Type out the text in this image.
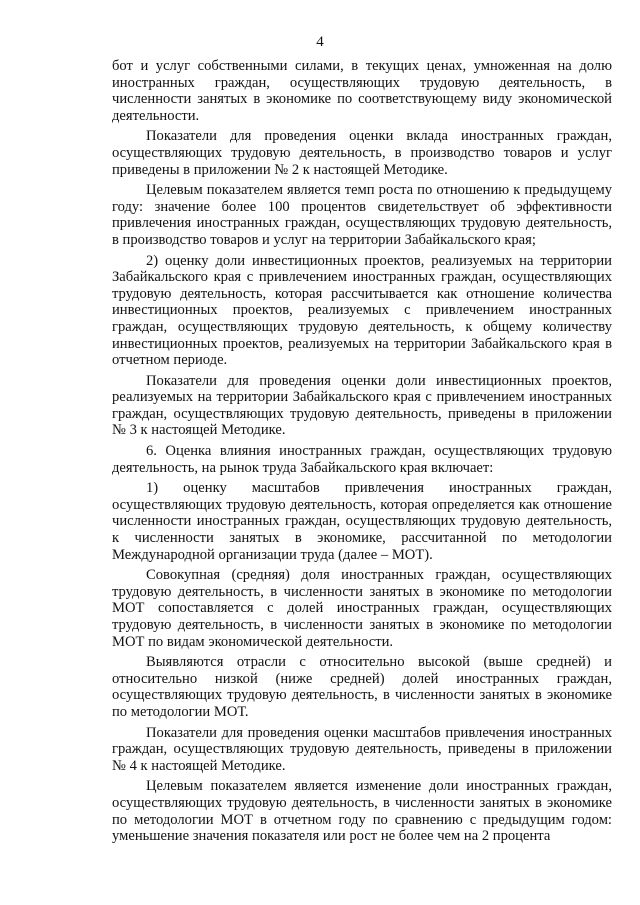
4

бот и услуг собственными силами, в текущих ценах, умноженная на долю иностранных граждан, осуществляющих трудовую деятельность, в численности занятых в экономике по соответствующему виду экономической деятельности.

Показатели для проведения оценки вклада иностранных граждан, осуществляющих трудовую деятельность, в производство товаров и услуг приведены в приложении № 2 к настоящей Методике.

Целевым показателем является темп роста по отношению к предыдущему году: значение более 100 процентов свидетельствует об эффективности привлечения иностранных граждан, осуществляющих трудовую деятельность, в производство товаров и услуг на территории Забайкальского края;

2) оценку доли инвестиционных проектов, реализуемых на территории Забайкальского края с привлечением иностранных граждан, осуществляющих трудовую деятельность, которая рассчитывается как отношение количества инвестиционных проектов, реализуемых с привлечением иностранных граждан, осуществляющих трудовую деятельность, к общему количеству инвестиционных проектов, реализуемых на территории Забайкальского края в отчетном периоде.

Показатели для проведения оценки доли инвестиционных проектов, реализуемых на территории Забайкальского края с привлечением иностранных граждан, осуществляющих трудовую деятельность, приведены в приложении № 3 к настоящей Методике.

6. Оценка влияния иностранных граждан, осуществляющих трудовую деятельность, на рынок труда Забайкальского края включает:

1) оценку масштабов привлечения иностранных граждан, осуществляющих трудовую деятельность, которая определяется как отношение численности иностранных граждан, осуществляющих трудовую деятельность, к численности занятых в экономике, рассчитанной по методологии Международной организации труда (далее – МОТ).

Совокупная (средняя) доля иностранных граждан, осуществляющих трудовую деятельность, в численности занятых в экономике по методологии МОТ сопоставляется с долей иностранных граждан, осуществляющих трудовую деятельность, в численности занятых в экономике по методологии МОТ по видам экономической деятельности.

Выявляются отрасли с относительно высокой (выше средней) и относительно низкой (ниже средней) долей иностранных граждан, осуществляющих трудовую деятельность, в численности занятых в экономике по методологии МОТ.

Показатели для проведения оценки масштабов привлечения иностранных граждан, осуществляющих трудовую деятельность, приведены в приложении № 4 к настоящей Методике.

Целевым показателем является изменение доли иностранных граждан, осуществляющих трудовую деятельность, в численности занятых в экономике по методологии МОТ в отчетном году по сравнению с предыдущим годом: уменьшение значения показателя или рост не более чем на 2 процента
